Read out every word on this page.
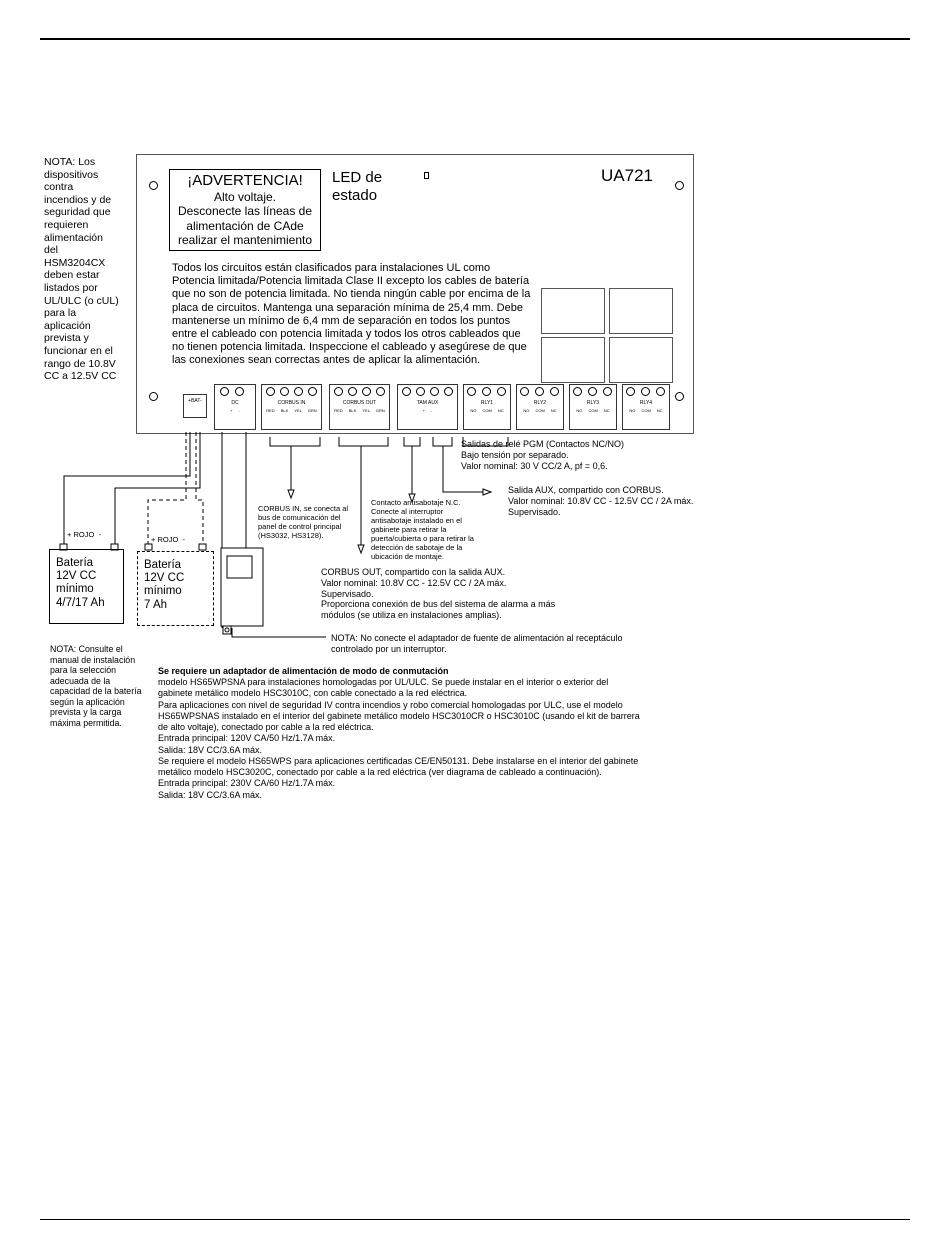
NOTA: Los
dispositivos
contra
incendios y de
seguridad que
requieren
alimentación
del
HSM3204CX
deben estar
listados por
UL/ULC (o cUL)
para la
aplicación
prevista y
funcionar en el
rango de 10.8V
CC a 12.5V CC
¡ADVERTENCIA!
Alto voltaje.
Desconecte las líneas de
alimentación de CAde
realizar el mantenimiento
LED de
estado
UA721
Todos los circuitos están clasificados para instalaciones UL como
Potencia limitada/Potencia limitada Clase II excepto los cables de batería
que no son de potencia limitada. No tienda ningún cable por encima de la
placa de circuitos. Mantenga una separación mínima de 25,4 mm. Debe
mantenerse un mínimo de 6,4 mm de separación en todos los puntos
entre el cableado con potencia limitada y todos los otros cableados que
no tienen potencia limitada. Inspeccione el cableado y asegúrese de que
las conexiones sean correctas antes de aplicar la alimentación.
+BAT-	DC
+ -
CORBUS IN
RED BLK YEL GRN
CORBUS OUT
RED BLK YEL GRN
TAM AUX
+ -
RLY1
NO COM NC
RLY2
NO COM NC
RLY3
NO COM NC
RLY4
NO COM NC
+ ROJO  -
Batería
12V CC
mínimo
4/7/17 Ah
+ ROJO  -
Batería
12V CC
mínimo
7 Ah
Salidas de relé PGM (Contactos NC/NO)
Bajo tensión por separado.
Valor nominal: 30 V CC/2 A, pf = 0,6.
Salida AUX, compartido con CORBUS.
Valor nominal: 10.8V CC - 12.5V CC / 2A máx.
Supervisado.
CORBUS IN, se conecta al
bus de comunicación del
panel de control principal
(HS3032, HS3128).
Contacto antisabotaje N.C.
Conecte al interruptor
antisabotaje instalado en el
gabinete para retirar la
puerta/cubierta o para retirar la
detección de sabotaje de la
ubicación de montaje.
CORBUS OUT, compartido con la salida AUX.
Valor nominal: 10.8V CC - 12.5V CC / 2A máx.
Supervisado.
Proporciona conexión de bus del sistema de alarma a más
módulos (se utiliza en instalaciones amplias).
NOTA: No conecte el adaptador de fuente de alimentación al receptáculo
controlado por un interruptor.
NOTA: Consulte el
manual de instalación
para la selección
adecuada de la
capacidad de la batería
según la aplicación
prevista y la carga
máxima permitida.
Se requiere un adaptador de alimentación de modo de conmutación
modelo HS65WPSNA para instalaciones homologadas por UL/ULC. Se puede instalar en el interior o exterior del
gabinete metálico modelo HSC3010C, con cable conectado a la red eléctrica.
Para aplicaciones con nivel de seguridad IV contra incendios y robo comercial homologadas por ULC, use el modelo
HS65WPSNAS instalado en el interior del gabinete metálico modelo HSC3010CR o HSC3010C (usando el kit de barrera
de alto voltaje), conectado por cable a la red eléctrica.
Entrada principal: 120V CA/50 Hz/1.7A máx.
Salida: 18V CC/3.6A máx.
Se requiere el modelo HS65WPS para aplicaciones certificadas CE/EN50131. Debe instalarse en el interior del gabinete
metálico modelo HSC3020C, conectado por cable a la red eléctrica (ver diagrama de cableado a continuación).
Entrada principal: 230V CA/60 Hz/1.7A máx.
Salida: 18V CC/3.6A máx.
